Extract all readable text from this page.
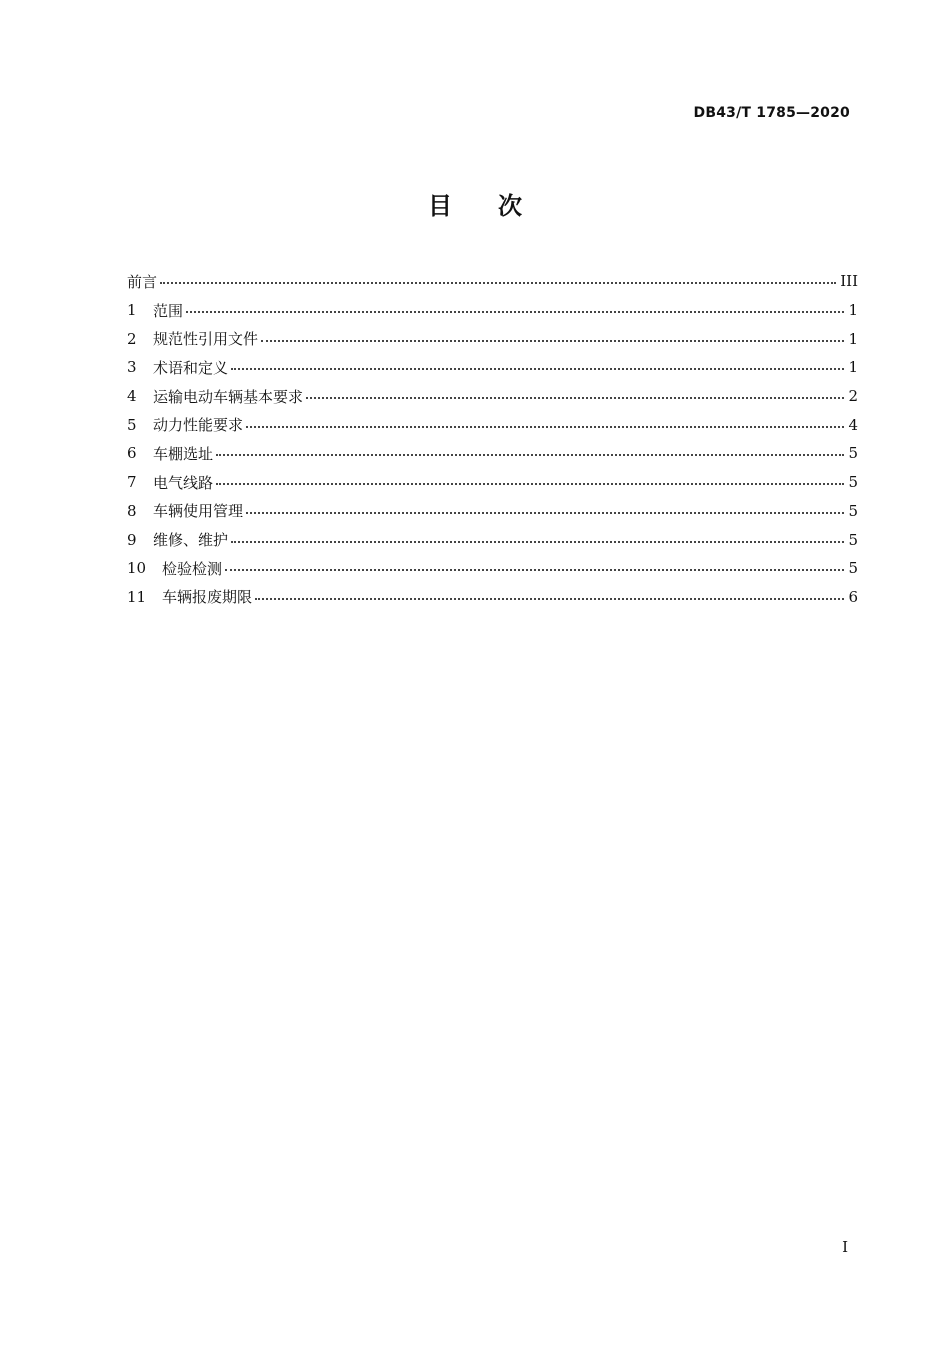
DB43/T 1785—2020
目 次
前言	III
1	范围	1
2	规范性引用文件	1
3	术语和定义	1
4	运输电动车辆基本要求	2
5	动力性能要求	4
6	车棚选址	5
7	电气线路	5
8	车辆使用管理	5
9	维修、维护	5
10	检验检测	5
11	车辆报废期限	6
I
